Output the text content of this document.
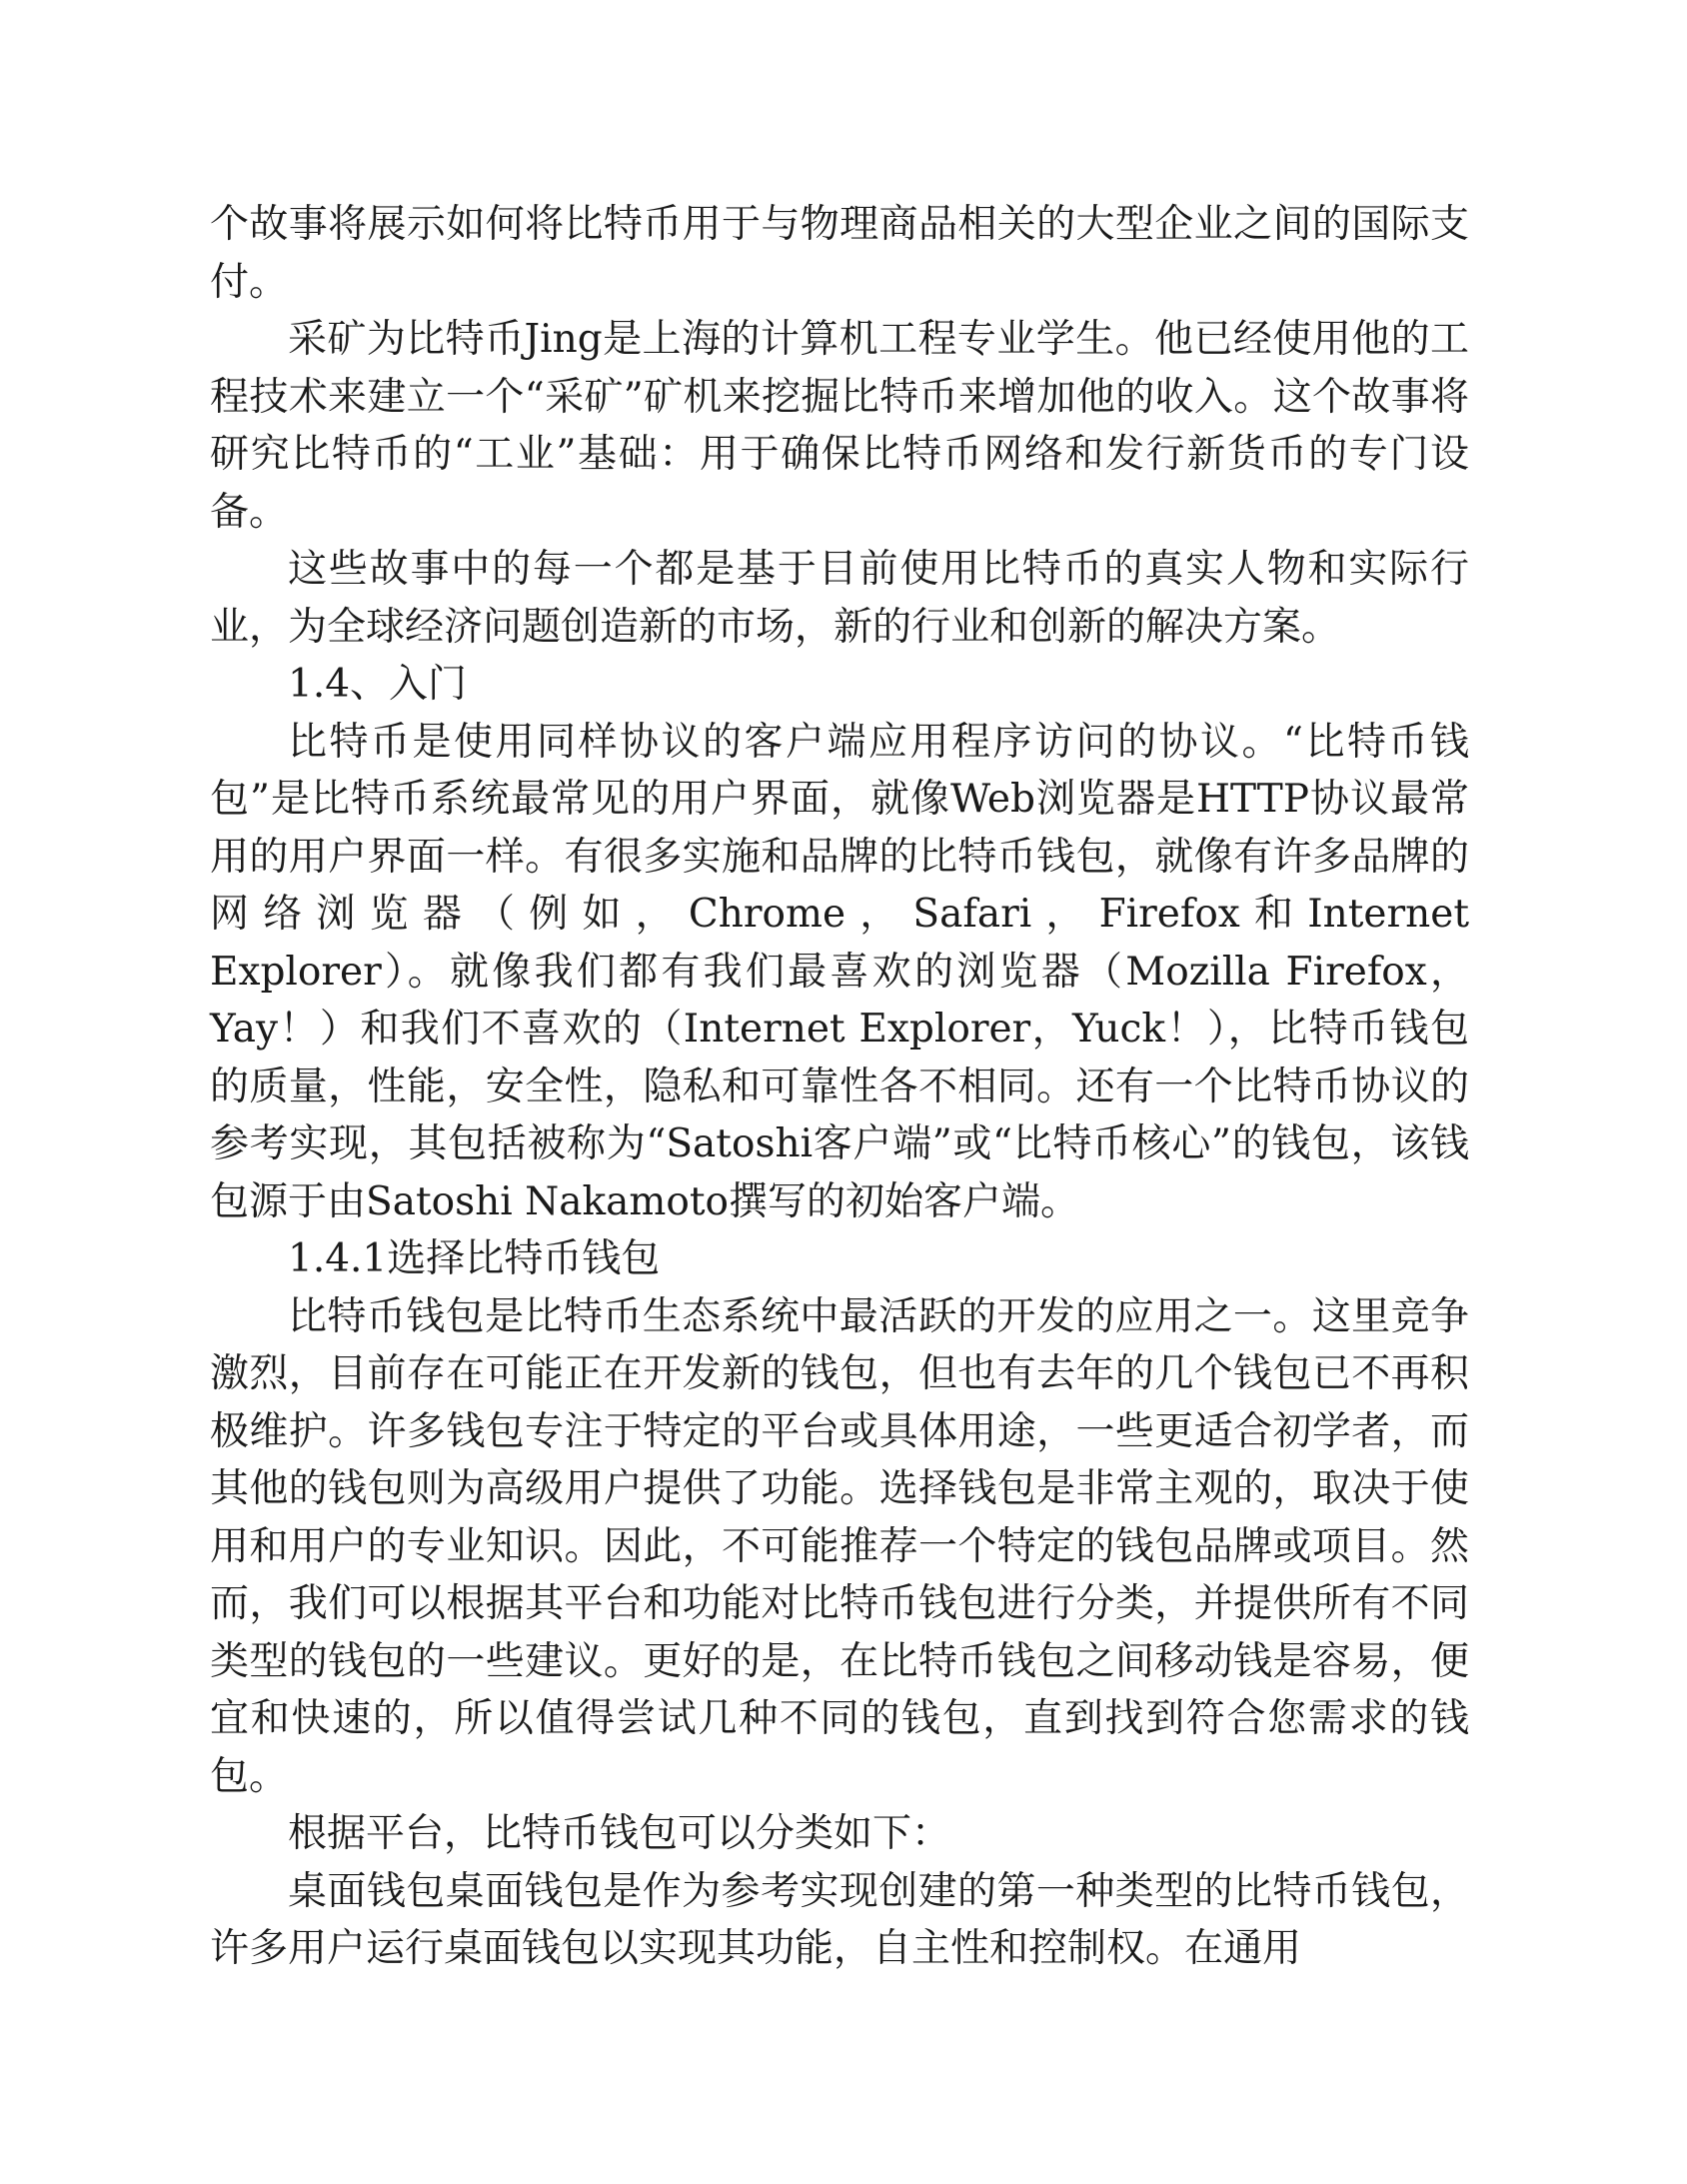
个故事将展示如何将比特币用于与物理商品相关的大型企业之间的国际支付。

采矿为比特币Jing是上海的计算机工程专业学生。他已经使用他的工程技术来建立一个“采矿”矿机来挖掘比特币来增加他的收入。这个故事将研究比特币的“工业”基础：用于确保比特币网络和发行新货币的专门设备。

这些故事中的每一个都是基于目前使用比特币的真实人物和实际行业，为全球经济问题创造新的市场，新的行业和创新的解决方案。

1.4、入门

比特币是使用同样协议的客户端应用程序访问的协议。“比特币钱包”是比特币系统最常见的用户界面，就像Web浏览器是HTTP协议最常用的用户界面一样。有很多实施和品牌的比特币钱包，就像有许多品牌的网络浏览器（例如，Chrome，Safari，Firefox和Internet Explorer）。就像我们都有我们最喜欢的浏览器（Mozilla Firefox，Yay！）和我们不喜欢的（Internet Explorer，Yuck！），比特币钱包的质量，性能，安全性，隐私和可靠性各不相同。还有一个比特币协议的参考实现，其包括被称为“Satoshi客户端”或“比特币核心”的钱包，该钱包源于由Satoshi Nakamoto撰写的初始客户端。

1.4.1选择比特币钱包

比特币钱包是比特币生态系统中最活跃的开发的应用之一。这里竞争激烈，目前存在可能正在开发新的钱包，但也有去年的几个钱包已不再积极维护。许多钱包专注于特定的平台或具体用途，一些更适合初学者，而其他的钱包则为高级用户提供了功能。选择钱包是非常主观的，取决于使用和用户的专业知识。因此，不可能推荐一个特定的钱包品牌或项目。然而，我们可以根据其平台和功能对比特币钱包进行分类，并提供所有不同类型的钱包的一些建议。更好的是，在比特币钱包之间移动钱是容易，便宜和快速的，所以值得尝试几种不同的钱包，直到找到符合您需求的钱包。

根据平台，比特币钱包可以分类如下：

桌面钱包桌面钱包是作为参考实现创建的第一种类型的比特币钱包，许多用户运行桌面钱包以实现其功能，自主性和控制权。在通用
